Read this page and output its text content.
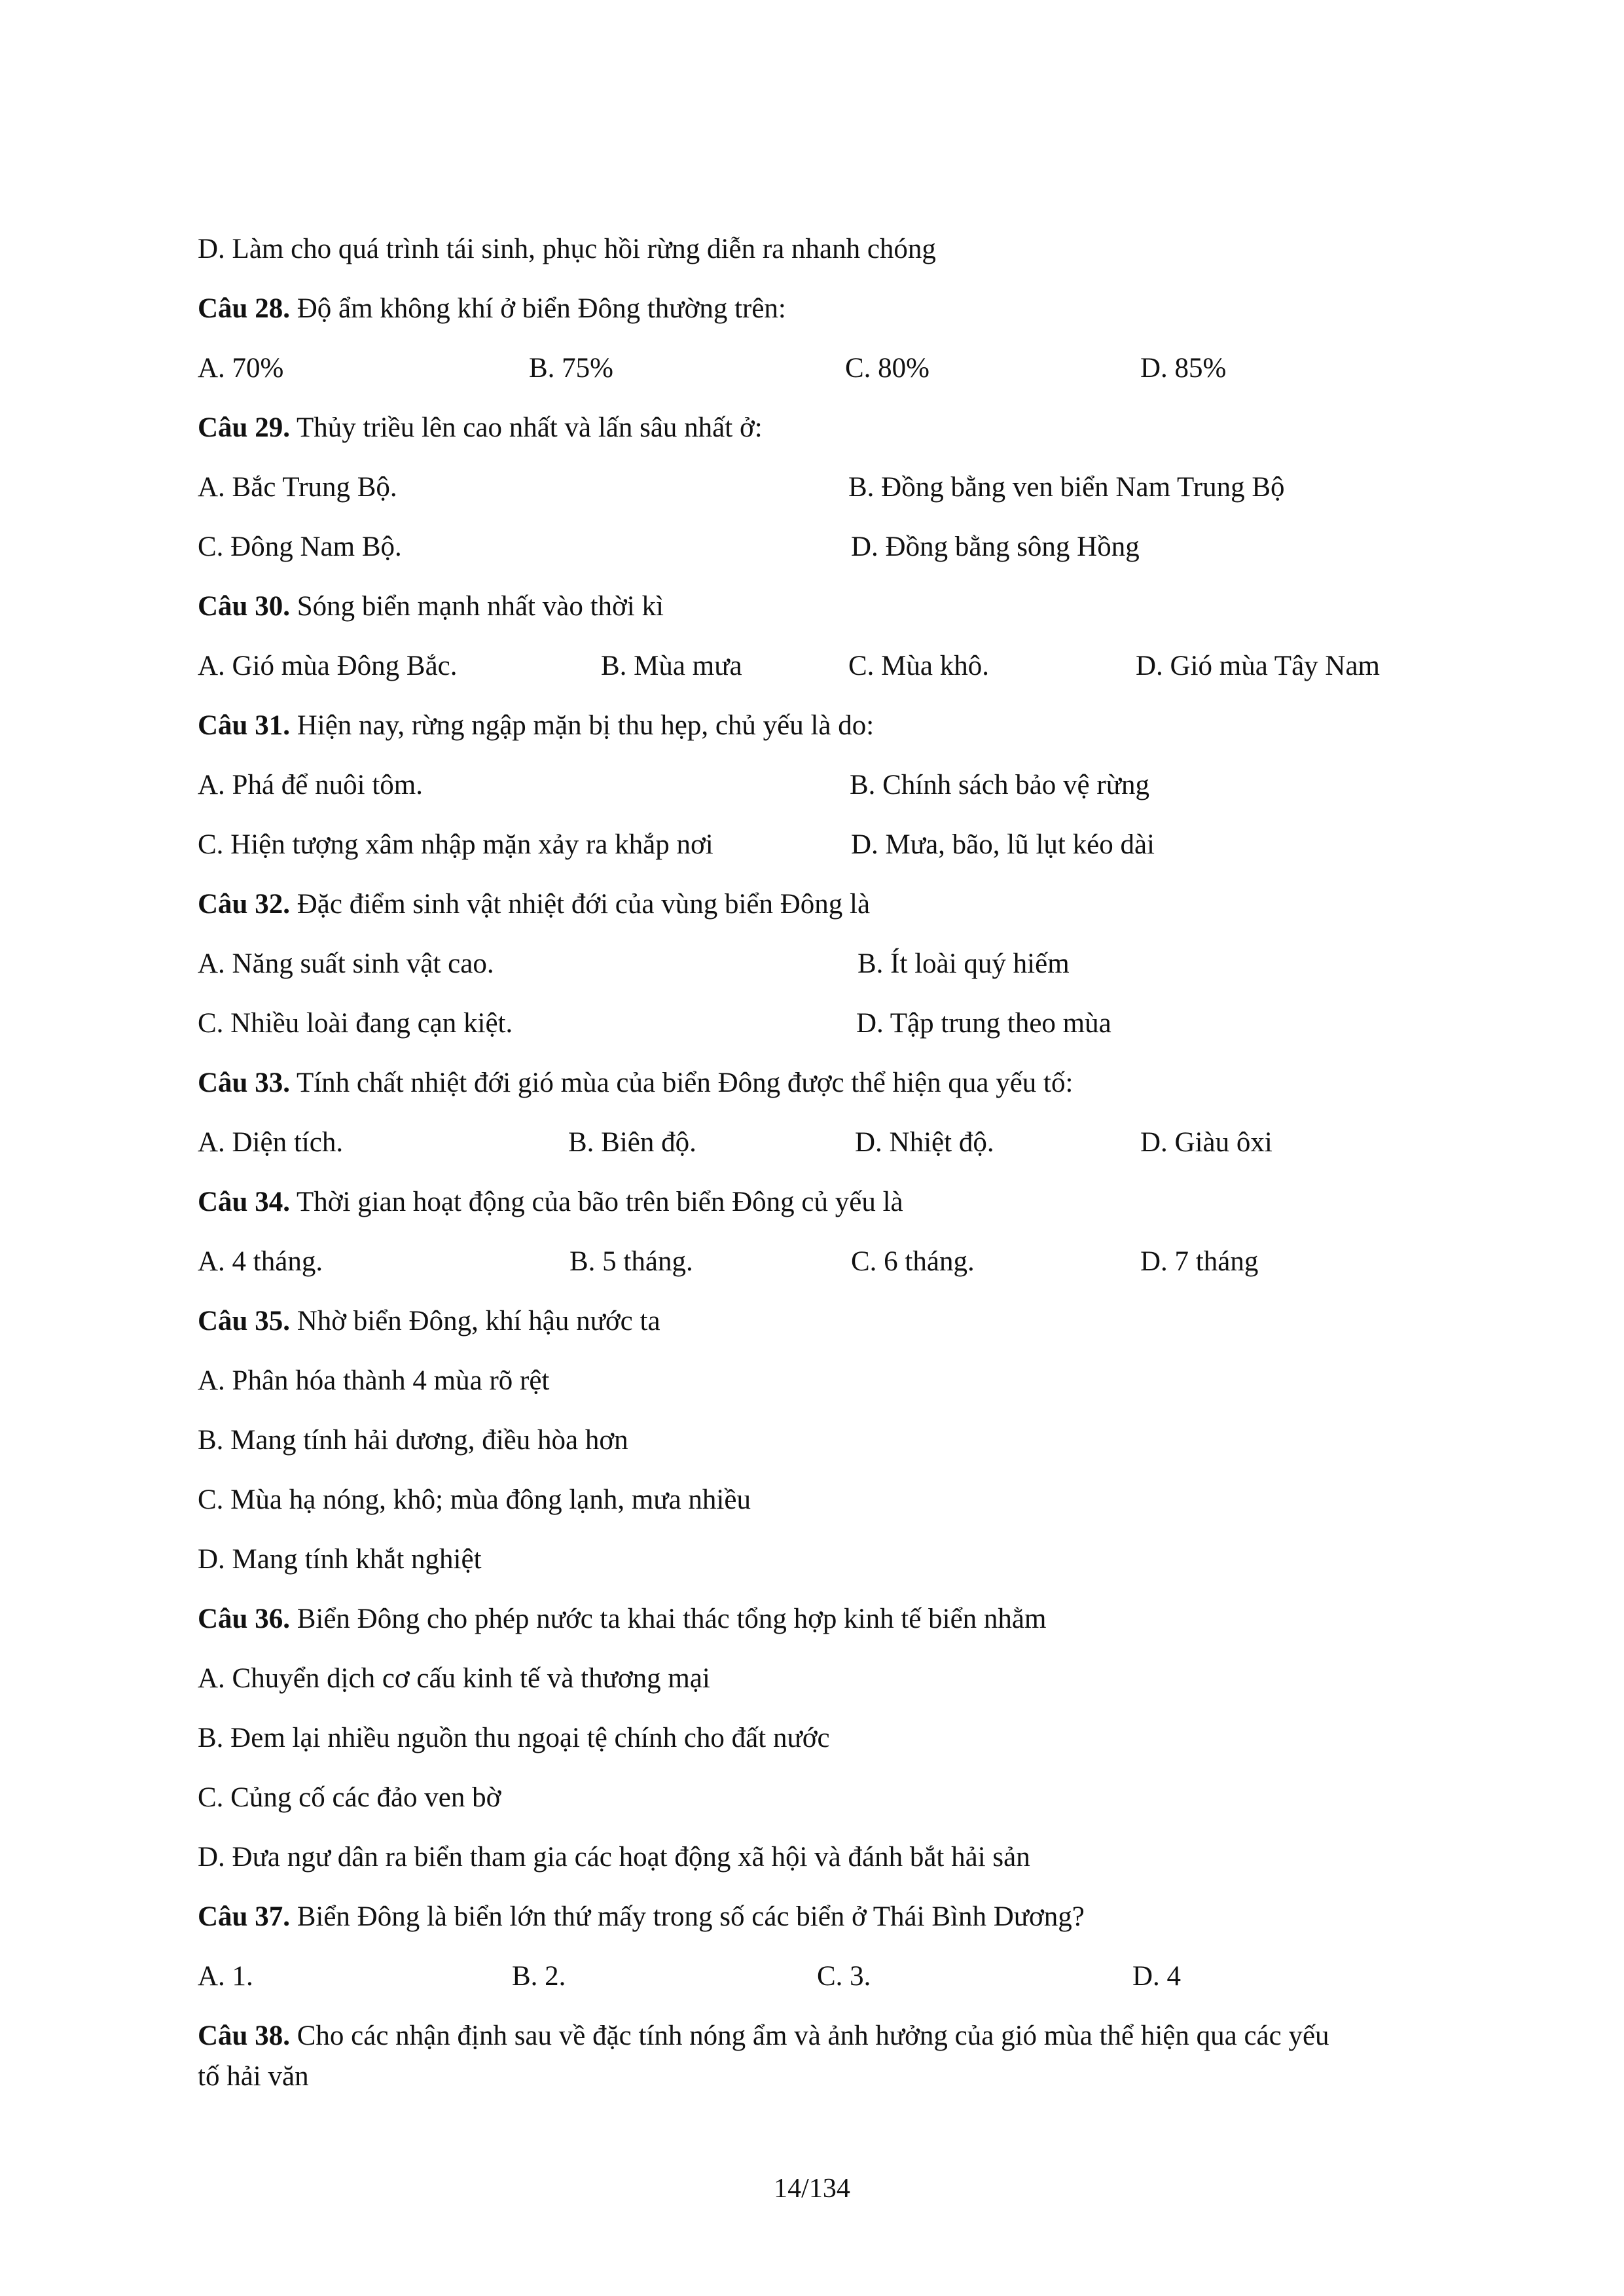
D. Làm cho quá trình tái sinh, phục hồi rừng diễn ra nhanh chóng
Câu 28. Độ ẩm không khí ở biển Đông thường trên:
A. 70%	B. 75%	C. 80%	D. 85%
Câu 29. Thủy triều lên cao nhất và lấn sâu nhất ở:
A. Bắc Trung Bộ.	B. Đồng bằng ven biển Nam Trung Bộ
C. Đông Nam Bộ.	D. Đồng bằng sông Hồng
Câu 30. Sóng biển mạnh nhất vào thời kì
A. Gió mùa Đông Bắc.	B. Mùa mưa	C. Mùa khô.	D. Gió mùa Tây Nam
Câu 31. Hiện nay, rừng ngập mặn bị thu hẹp, chủ yếu là do:
A. Phá để nuôi tôm.	B. Chính sách bảo vệ rừng
C. Hiện tượng xâm nhập mặn xảy ra khắp nơi	D. Mưa, bão, lũ lụt kéo dài
Câu 32. Đặc điểm sinh vật nhiệt đới của vùng biển Đông là
A. Năng suất sinh vật cao.	B. Ít loài quý hiếm
C. Nhiều loài đang cạn kiệt.	D. Tập trung theo mùa
Câu 33. Tính chất nhiệt đới gió mùa của biển Đông được thể hiện qua yếu tố:
A. Diện tích.	B. Biên độ.	D. Nhiệt độ.	D. Giàu ôxi
Câu 34. Thời gian hoạt động của bão trên biển Đông củ yếu là
A. 4 tháng.	B. 5 tháng.	C. 6 tháng.	D. 7 tháng
Câu 35. Nhờ biển Đông, khí hậu nước ta
A. Phân hóa thành 4 mùa rõ rệt
B. Mang tính hải dương, điều hòa hơn
C. Mùa hạ nóng, khô; mùa đông lạnh, mưa nhiều
D. Mang tính khắt nghiệt
Câu 36. Biển Đông cho phép nước ta khai thác tổng hợp kinh tế biển nhằm
A. Chuyển dịch cơ cấu kinh tế và thương mại
B. Đem lại nhiều nguồn thu ngoại tệ chính cho đất nước
C. Củng cố các đảo ven bờ
D. Đưa ngư dân ra biển tham gia các hoạt động xã hội và đánh bắt hải sản
Câu 37. Biển Đông là biển lớn thứ mấy trong số các biển ở Thái Bình Dương?
A. 1.	B. 2.	C. 3.	D. 4
Câu 38. Cho các nhận định sau về đặc tính nóng ẩm và ảnh hưởng của gió mùa thể hiện qua các yếu
tố hải văn
14/134
